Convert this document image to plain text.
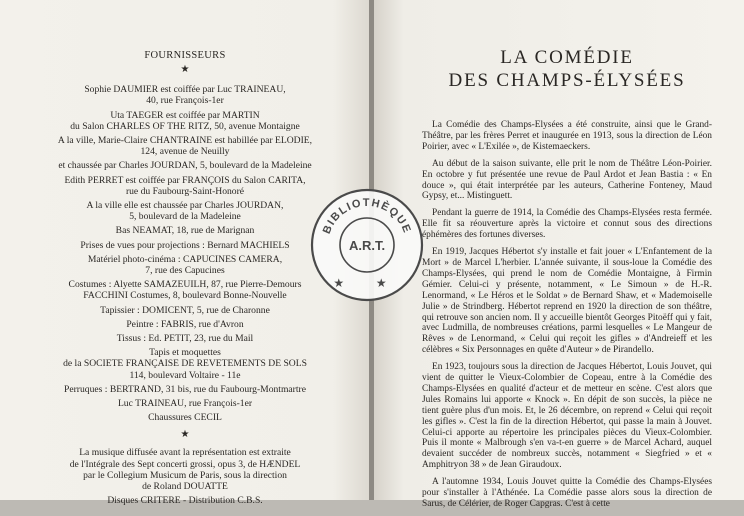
FOURNISSEURS
★
Sophie DAUMIER est coiffée par Luc TRAINEAU,
40, rue François-1er
Uta TAEGER est coiffée par MARTIN
du Salon CHARLES OF THE RITZ, 50, avenue Montaigne
A la ville, Marie-Claire CHANTRAINE est habillée par ELODIE,
124, avenue de Neuilly
et chaussée par Charles JOURDAN, 5, boulevard de la Madeleine
Edith PERRET est coiffée par FRANÇOIS du Salon CARITA,
rue du Faubourg-Saint-Honoré
A la ville elle est chaussée par Charles JOURDAN,
5, boulevard de la Madeleine
Bas NEAMAT, 18, rue de Marignan
Prises de vues pour projections : Bernard MACHIELS
Matériel photo-cinéma : CAPUCINES CAMERA,
7, rue des Capucines
Costumes : Alyette SAMAZEUILH, 87, rue Pierre-Demours
FACCHINI Costumes, 8, boulevard Bonne-Nouvelle
Tapissier : DOMICENT, 5, rue de Charonne
Peintre : FABRIS, rue d'Avron
Tissus : Ed. PETIT, 23, rue du Mail
Tapis et moquettes
de la SOCIETE FRANÇAISE DE REVETEMENTS DE SOLS
114, boulevard Voltaire - 11e
Perruques : BERTRAND, 31 bis, rue du Faubourg-Montmartre
Luc TRAINEAU, rue François-1er
Chaussures CECIL
★
La musique diffusée avant la représentation est extraite
de l'Intégrale des Sept concerti grossi, opus 3, de HÆNDEL
par le Collegium Musicum de Paris, sous la direction
de Roland DOUATTE
Disques CRITERE - Distribution C.B.S.
LA COMÉDIE
DES CHAMPS-ÉLYSÉES

La Comédie des Champs-Elysées a été construite, ainsi que le Grand-Théâtre, par les frères Perret et inaugurée en 1913, sous la direction de Léon Poirier, avec « L'Exilée », de Kistemaeckers.

Au début de la saison suivante, elle prit le nom de Théâtre Léon-Poirier. En octobre y fut présentée une revue de Paul Ardot et Jean Bastia : « En douce », qui était interprétée par les auteurs, Catherine Fonteney, Maud Gypsy, et... Mistinguett.

Pendant la guerre de 1914, la Comédie des Champs-Elysées resta fermée. Elle fit sa réouverture après la victoire et connut sous des directions éphémères des fortunes diverses.

En 1919, Jacques Hébertot s'y installe et fait jouer « L'Enfantement de la Mort » de Marcel L'herbier. L'année suivante, il sous-loue la Comédie des Champs-Elysées, qui prend le nom de Comédie Montaigne, à Firmin Gémier. Celui-ci y présente, notamment, « Le Simoun » de H.-R. Lenormand, « Le Héros et le Soldat » de Bernard Shaw, et « Mademoiselle Julie » de Strindberg. Hébertot reprend en 1920 la direction de son théâtre, qui retrouve son ancien nom. Il y accueille bientôt Georges Pitoëff qui y fait, avec Ludmilla, de nombreuses créations, parmi lesquelles « Le Mangeur de Rêves » de Lenormand, « Celui qui reçoit les gifles » d'Andreieff et les célèbres « Six Personnages en quête d'Auteur » de Pirandello.

En 1923, toujours sous la direction de Jacques Hébertot, Louis Jouvet, qui vient de quitter le Vieux-Colombier de Copeau, entre à la Comédie des Champs-Elysées en qualité d'acteur et de metteur en scène. C'est alors que Jules Romains lui apporte « Knock ». En dépit de son succès, la pièce ne tient guère plus d'un mois. Et, le 26 décembre, on reprend « Celui qui reçoit les gifles ». C'est la fin de la direction Hébertot, qui passe la main à Jouvet. Celui-ci apporte au répertoire les principales pièces du Vieux-Colombier. Puis il monte « Malbrough s'en va-t-en guerre » de Marcel Achard, auquel devaient succéder de nombreux succès, notamment « Siegfried » et « Amphitryon 38 » de Jean Giraudoux.

A l'automne 1934, Louis Jouvet quitte la Comédie des Champs-Elysées pour s'installer à l'Athénée. La Comédie passe alors sous la direction de Sarus, de Célérier, de Roger Capgras. C'est à cette

BIBLIOTHÈQUE
A.R.T.
★ ★
